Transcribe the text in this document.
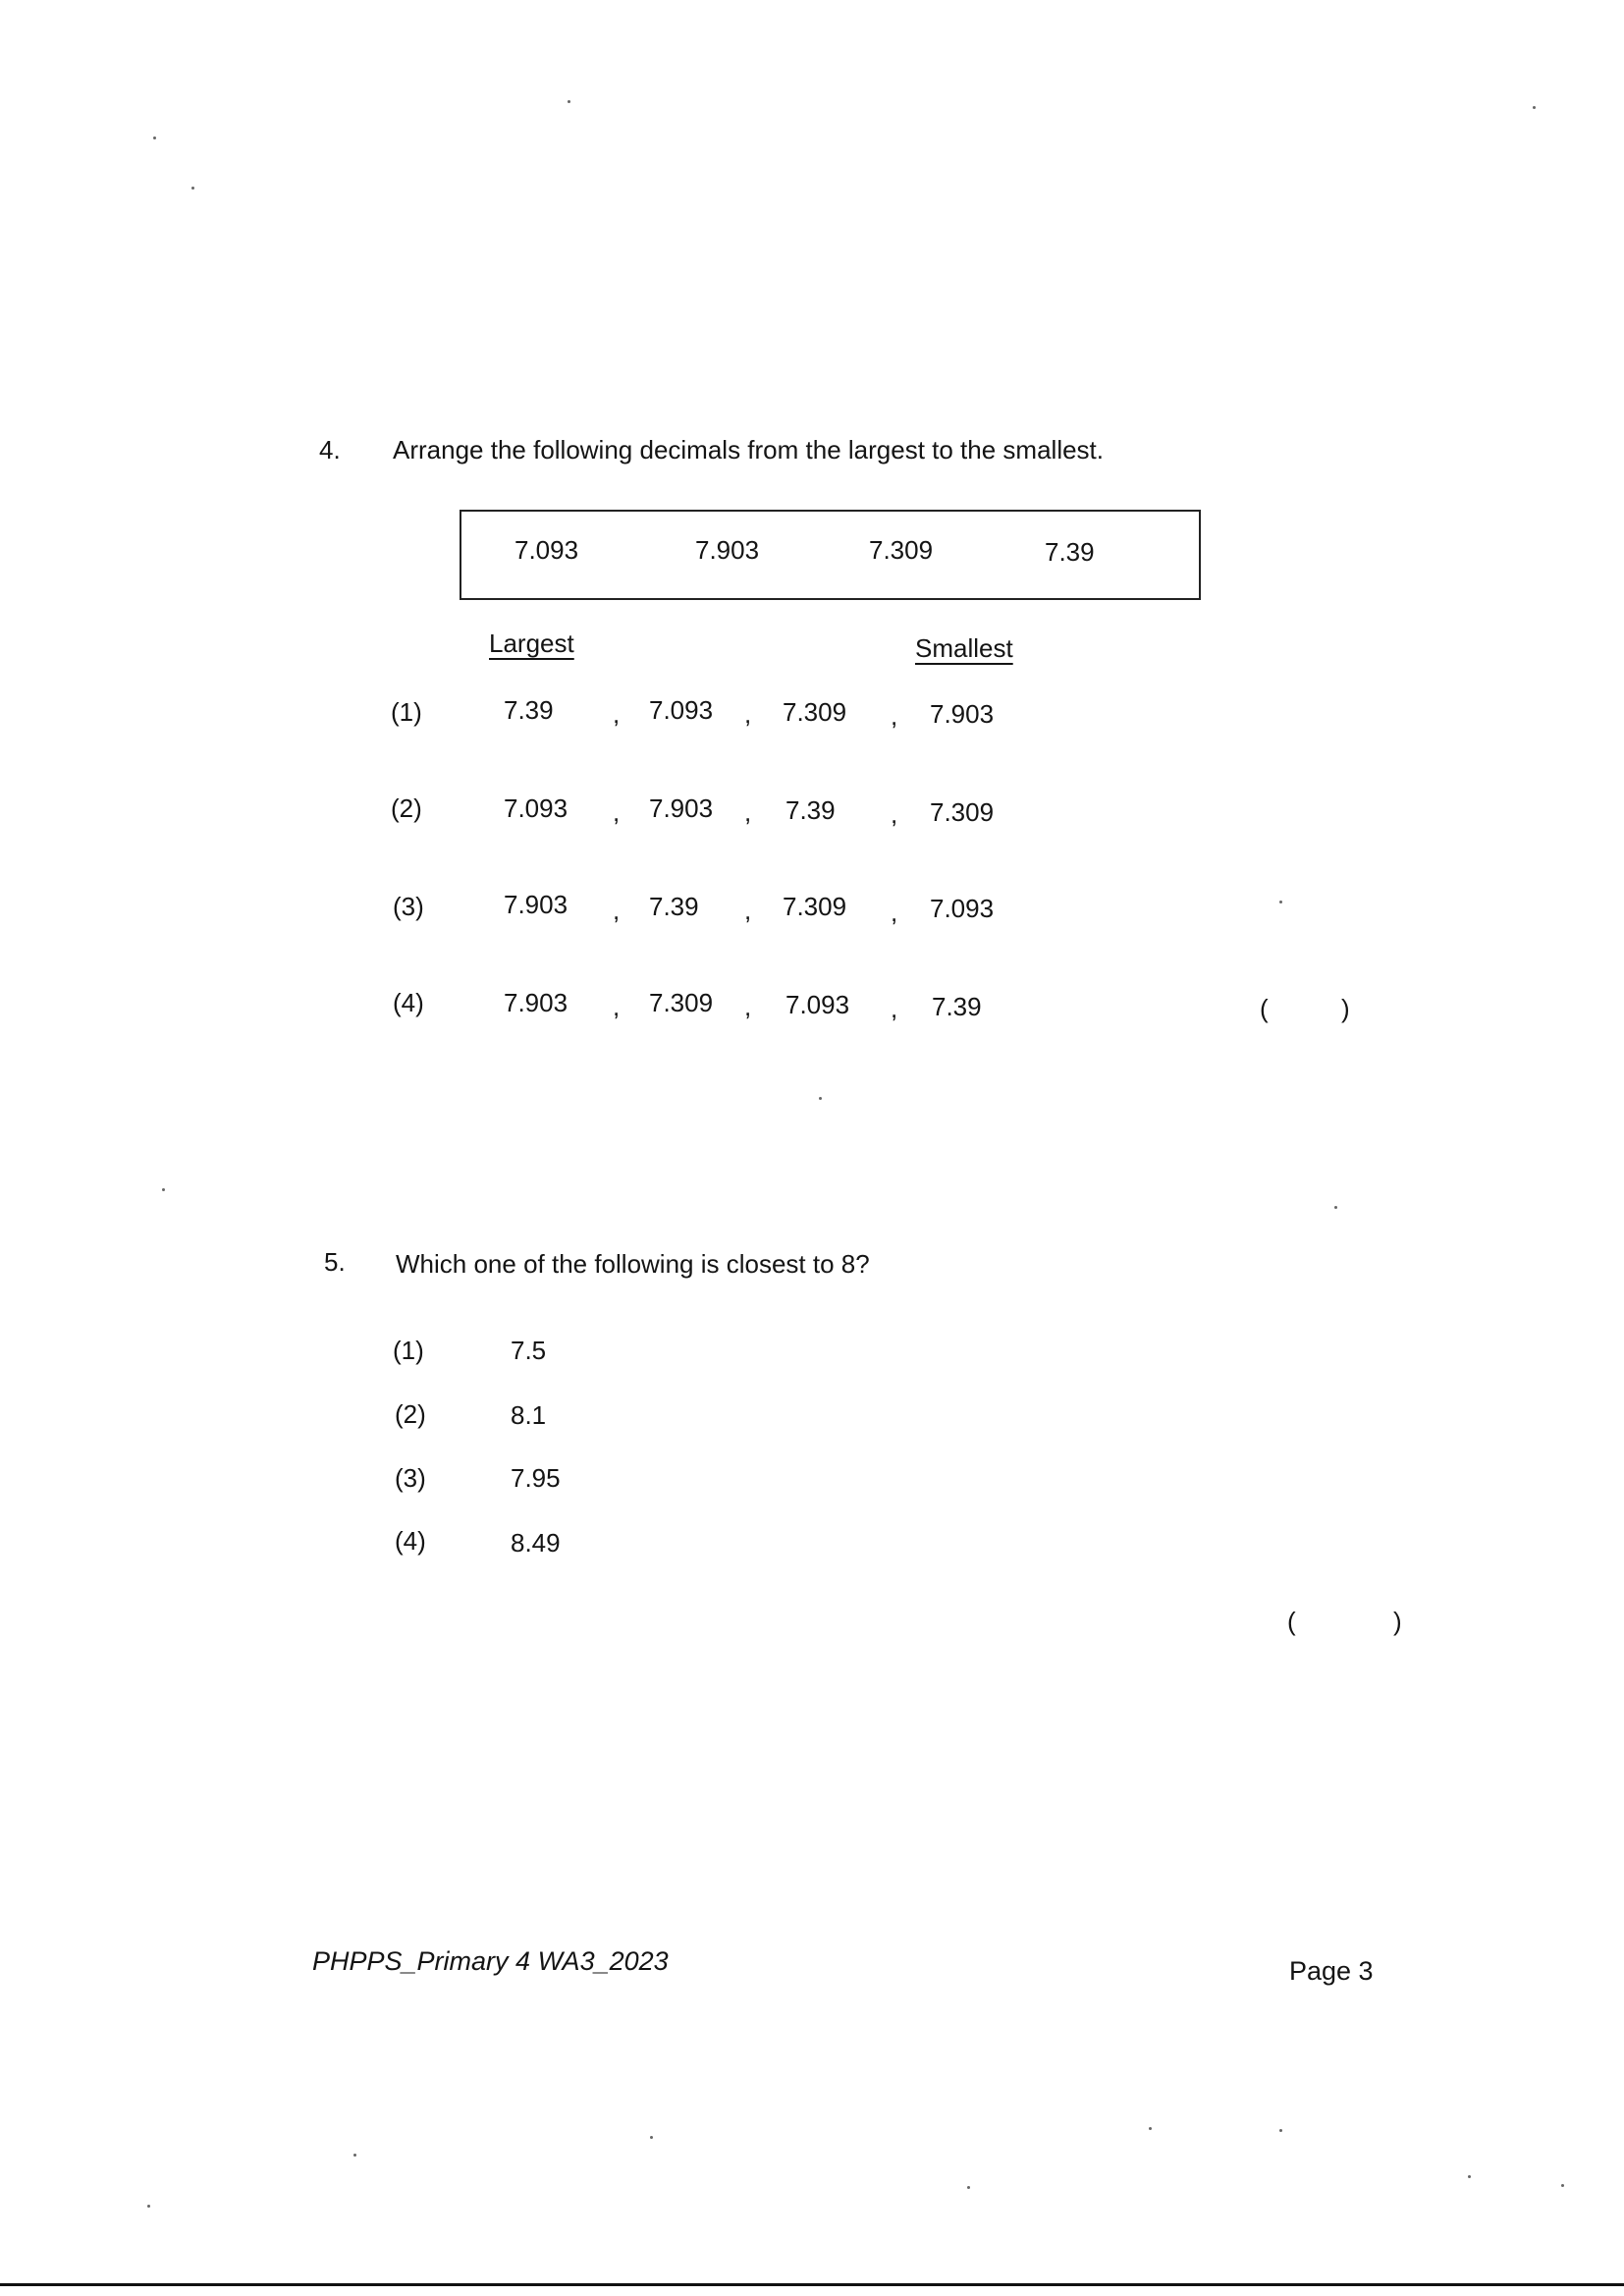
4. Arrange the following decimals from the largest to the smallest.
7.093	7.903	7.309	7.39
Largest	Smallest
(1)	7.39 , 7.093 , 7.309 , 7.903
(2)	7.093 , 7.903 , 7.39 , 7.309
(3)	7.903 , 7.39 , 7.309 , 7.093
(4)	7.903 , 7.309 , 7.093 , 7.39	(	)
5. Which one of the following is closest to 8?
(1)	7.5
(2)	8.1
(3)	7.95
(4)	8.49
(	)
PHPPS_Primary 4 WA3_2023	Page 3
